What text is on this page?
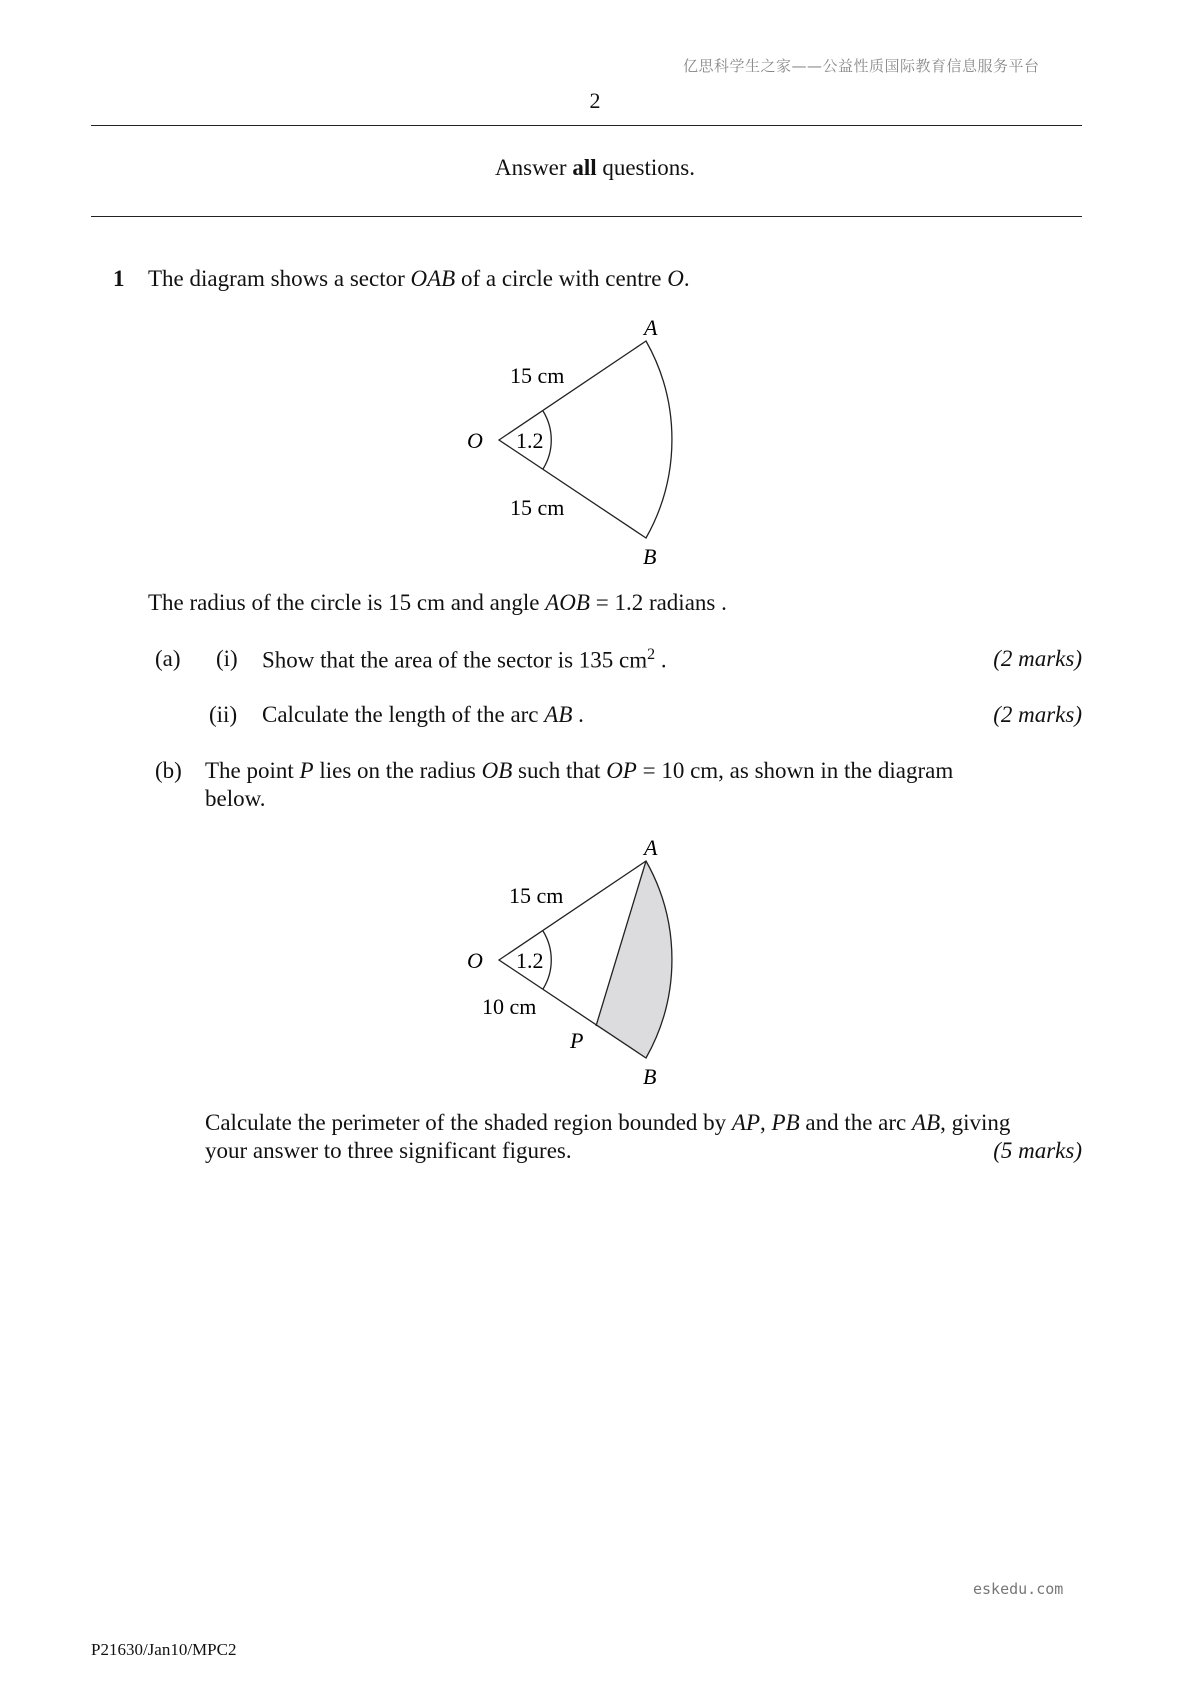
亿思科学生之家——公益性质国际教育信息服务平台
2
Answer all questions.
1 The diagram shows a sector OAB of a circle with centre O.
A
B
O 1.2
15 cm
15 cm
The radius of the circle is 15 cm and angle AOB = 1.2 radians .
(a) (i) Show that the area of the sector is 135 $cm^2$ .	(2 marks)
(ii) Calculate the length of the arc AB .	(2 marks)
(b) The point P lies on the radius OB such that OP = 10 cm, as shown in the diagram
below.
A
B
O
P
1.2
15 cm
10 cm
Calculate the perimeter of the shaded region bounded by AP, PB and the arc AB, giving
your answer to three significant figures.	(5 marks)
eskedu.com
P21630/Jan10/MPC2
